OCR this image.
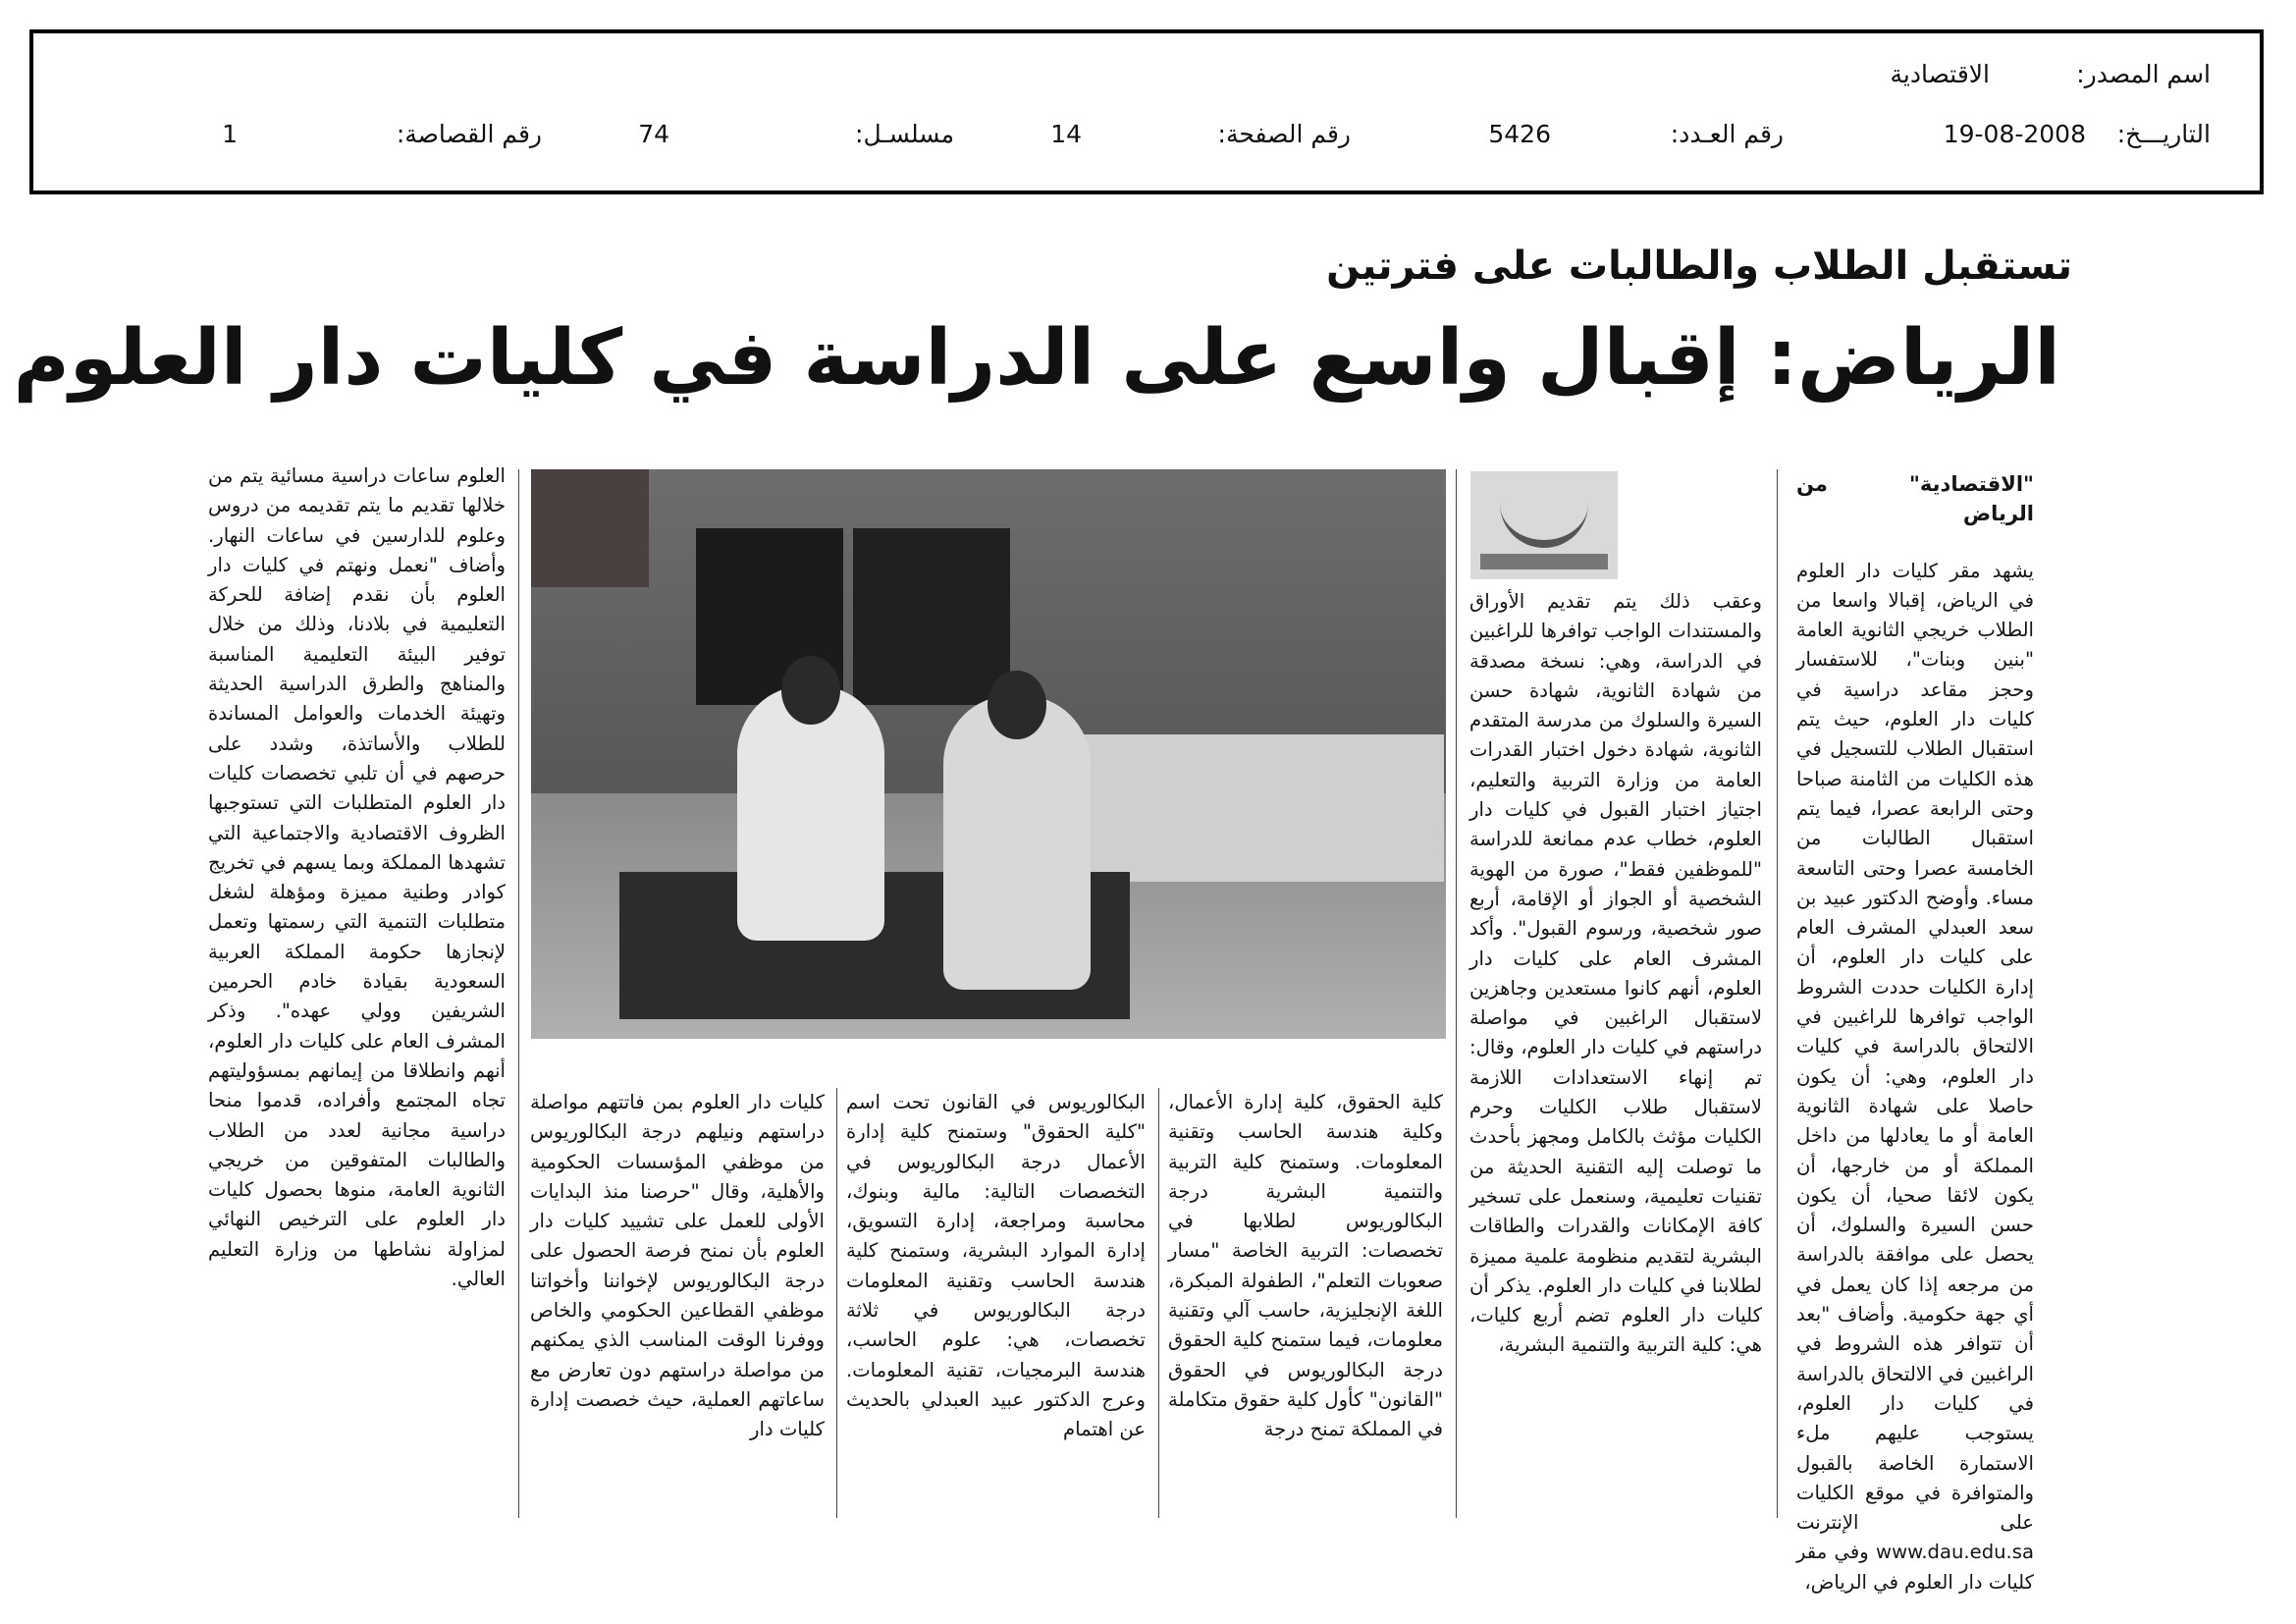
اسم المصدر:
الاقتصادية
التاريـــخ:
19-08-2008
رقم العـدد:
5426
رقم الصفحة:
14
مسلسـل:
74
رقم القصاصة:
1
تستقبل الطلاب والطالبات على فترتين
الرياض: إقبال واسع على الدراسة في كليات دار العلوم

"الاقتصادية" من الرياض

يشهد مقر كليات دار العلوم في الرياض، إقبالا واسعا من الطلاب خريجي الثانوية العامة "بنين وبنات"، للاستفسار وحجز مقاعد دراسية في كليات دار العلوم، حيث يتم استقبال الطلاب للتسجيل في هذه الكليات من الثامنة صباحا وحتى الرابعة عصرا، فيما يتم استقبال الطالبات من الخامسة عصرا وحتى التاسعة مساء. وأوضح الدكتور عبيد بن سعد العبدلي المشرف العام على كليات دار العلوم، أن إدارة الكليات حددت الشروط الواجب توافرها للراغبين في الالتحاق بالدراسة في كليات دار العلوم، وهي: أن يكون حاصلا على شهادة الثانوية العامة أو ما يعادلها من داخل المملكة أو من خارجها، أن يكون لائقا صحيا، أن يكون حسن السيرة والسلوك، أن يحصل على موافقة بالدراسة من مرجعه إذا كان يعمل في أي جهة حكومية. وأضاف "بعد أن تتوافر هذه الشروط في الراغبين في الالتحاق بالدراسة في كليات دار العلوم، يستوجب عليهم ملء الاستمارة الخاصة بالقبول والمتوافرة في موقع الكليات على الإنترنت www.dau.edu.sa وفي مقر كليات دار العلوم في الرياض،

وعقب ذلك يتم تقديم الأوراق والمستندات الواجب توافرها للراغبين في الدراسة، وهي: نسخة مصدقة من شهادة الثانوية، شهادة حسن السيرة والسلوك من مدرسة المتقدم الثانوية، شهادة دخول اختبار القدرات العامة من وزارة التربية والتعليم، اجتياز اختبار القبول في كليات دار العلوم، خطاب عدم ممانعة للدراسة "للموظفين فقط"، صورة من الهوية الشخصية أو الجواز أو الإقامة، أربع صور شخصية، ورسوم القبول". وأكد المشرف العام على كليات دار العلوم، أنهم كانوا مستعدين وجاهزين لاستقبال الراغبين في مواصلة دراستهم في كليات دار العلوم، وقال: تم إنهاء الاستعدادات اللازمة لاستقبال طلاب الكليات وحرم الكليات مؤثث بالكامل ومجهز بأحدث ما توصلت إليه التقنية الحديثة من تقنيات تعليمية، وسنعمل على تسخير كافة الإمكانات والقدرات والطاقات البشرية لتقديم منظومة علمية مميزة لطلابنا في كليات دار العلوم. يذكر أن كليات دار العلوم تضم أربع كليات، هي: كلية التربية والتنمية البشرية،

كلية الحقوق، كلية إدارة الأعمال، وكلية هندسة الحاسب وتقنية المعلومات. وستمنح كلية التربية والتنمية البشرية درجة البكالوريوس لطلابها في تخصصات: التربية الخاصة "مسار صعوبات التعلم"، الطفولة المبكرة، اللغة الإنجليزية، حاسب آلي وتقنية معلومات، فيما ستمنح كلية الحقوق درجة البكالوريوس في الحقوق "القانون" كأول كلية حقوق متكاملة في المملكة تمنح درجة

البكالوريوس في القانون تحت اسم "كلية الحقوق" وستمنح كلية إدارة الأعمال درجة البكالوريوس في التخصصات التالية: مالية وبنوك، محاسبة ومراجعة، إدارة التسويق، إدارة الموارد البشرية، وستمنح كلية هندسة الحاسب وتقنية المعلومات درجة البكالوريوس في ثلاثة تخصصات، هي: علوم الحاسب، هندسة البرمجيات، تقنية المعلومات. وعرج الدكتور عبيد العبدلي بالحديث عن اهتمام

كليات دار العلوم بمن فاتتهم مواصلة دراستهم ونيلهم درجة البكالوريوس من موظفي المؤسسات الحكومية والأهلية، وقال "حرصنا منذ البدايات الأولى للعمل على تشييد كليات دار العلوم بأن نمنح فرصة الحصول على درجة البكالوريوس لإخواننا وأخواتنا موظفي القطاعين الحكومي والخاص ووفرنا الوقت المناسب الذي يمكنهم من مواصلة دراستهم دون تعارض مع ساعاتهم العملية، حيث خصصت إدارة كليات دار

العلوم ساعات دراسية مسائية يتم من خلالها تقديم ما يتم تقديمه من دروس وعلوم للدارسين في ساعات النهار. وأضاف "نعمل ونهتم في كليات دار العلوم بأن نقدم إضافة للحركة التعليمية في بلادنا، وذلك من خلال توفير البيئة التعليمية المناسبة والمناهج والطرق الدراسية الحديثة وتهيئة الخدمات والعوامل المساندة للطلاب والأساتذة، وشدد على حرصهم في أن تلبي تخصصات كليات دار العلوم المتطلبات التي تستوجبها الظروف الاقتصادية والاجتماعية التي تشهدها المملكة وبما يسهم في تخريج كوادر وطنية مميزة ومؤهلة لشغل متطلبات التنمية التي رسمتها وتعمل لإنجازها حكومة المملكة العربية السعودية بقيادة خادم الحرمين الشريفين وولي عهده". وذكر المشرف العام على كليات دار العلوم، أنهم وانطلاقا من إيمانهم بمسؤوليتهم تجاه المجتمع وأفراده، قدموا منحا دراسية مجانية لعدد من الطلاب والطالبات المتفوقين من خريجي الثانوية العامة، منوها بحصول كليات دار العلوم على الترخيص النهائي لمزاولة نشاطها من وزارة التعليم العالي.
